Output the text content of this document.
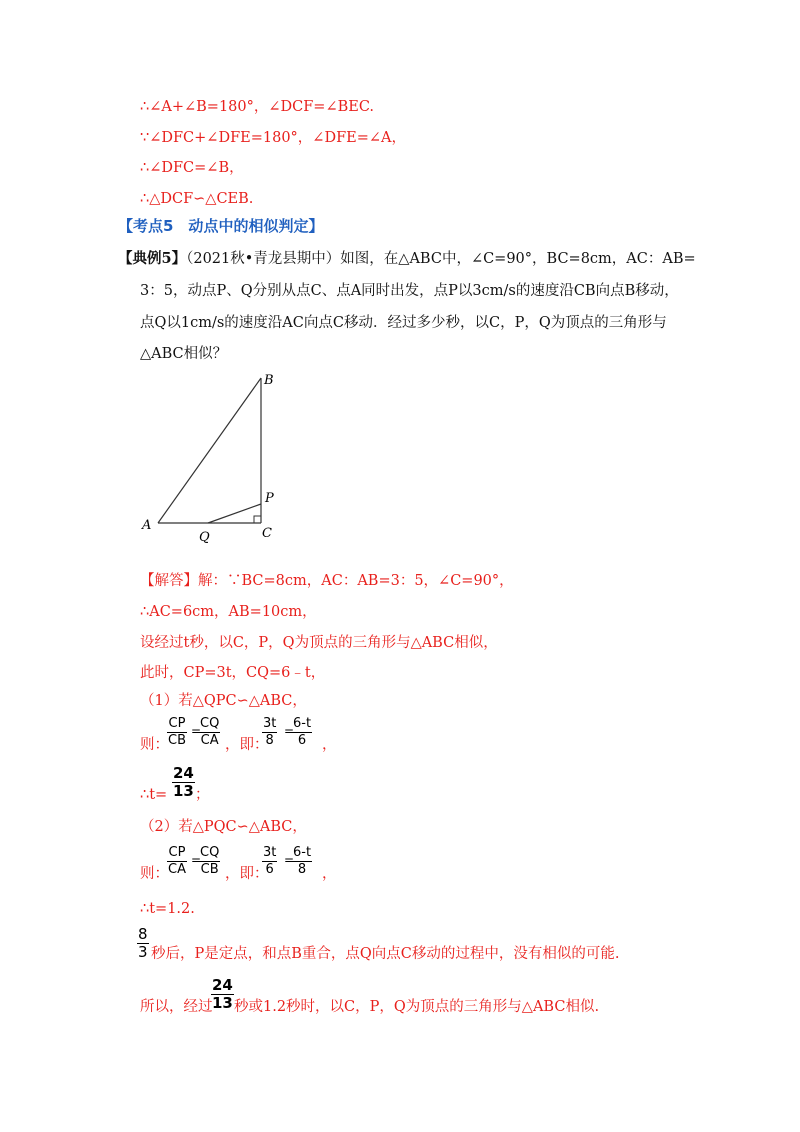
∴∠A+∠B=180°，∠DCF=∠BEC.
∵∠DFC+∠DFE=180°，∠DFE=∠A，
∴∠DFC=∠B，
∴△DCF∽△CEB.
【考点5　动点中的相似判定】
【典例5】（2021秋•青龙县期中）如图，在△ABC中，∠C=90°，BC=8cm，AC：AB=
3：5，动点P、Q分别从点C、点A同时出发，点P以3cm/s的速度沿CB向点B移动，
点Q以1cm/s的速度沿AC向点C移动．经过多少秒，以C，P，Q为顶点的三角形与
△ABC相似？
B
P
A
C
Q
【解答】解：∵BC=8cm，AC：AB=3：5，∠C=90°，
∴AC=6cm，AB=10cm，
设经过t秒，以C，P，Q为顶点的三角形与△ABC相似，
此时，CP=3t，CQ=6﹣t，
（1）若△QPC∽△ABC，
则：
$\frac{CP}{CB}$ =
$\frac{CQ}{CA}$ ，即：
$\frac{3t}{8}$ =
$\frac{6-t}{6}$ ，
∴t= $\frac{24}{13}$ ；
（2）若△PQC∽△ABC，
则：
$\frac{CP}{CA}$ =
$\frac{CQ}{CB}$ ，即：
$\frac{3t}{6}$ =
$\frac{6-t}{8}$ ，
∴t=1.2.
$\frac{8}{3}$ 秒后，P是定点，和点B重合，点Q向点C移动的过程中，没有相似的可能.
所以，经过
$\frac{24}{13}$ 秒或1.2秒时，以C，P，Q为顶点的三角形与△ABC相似.
